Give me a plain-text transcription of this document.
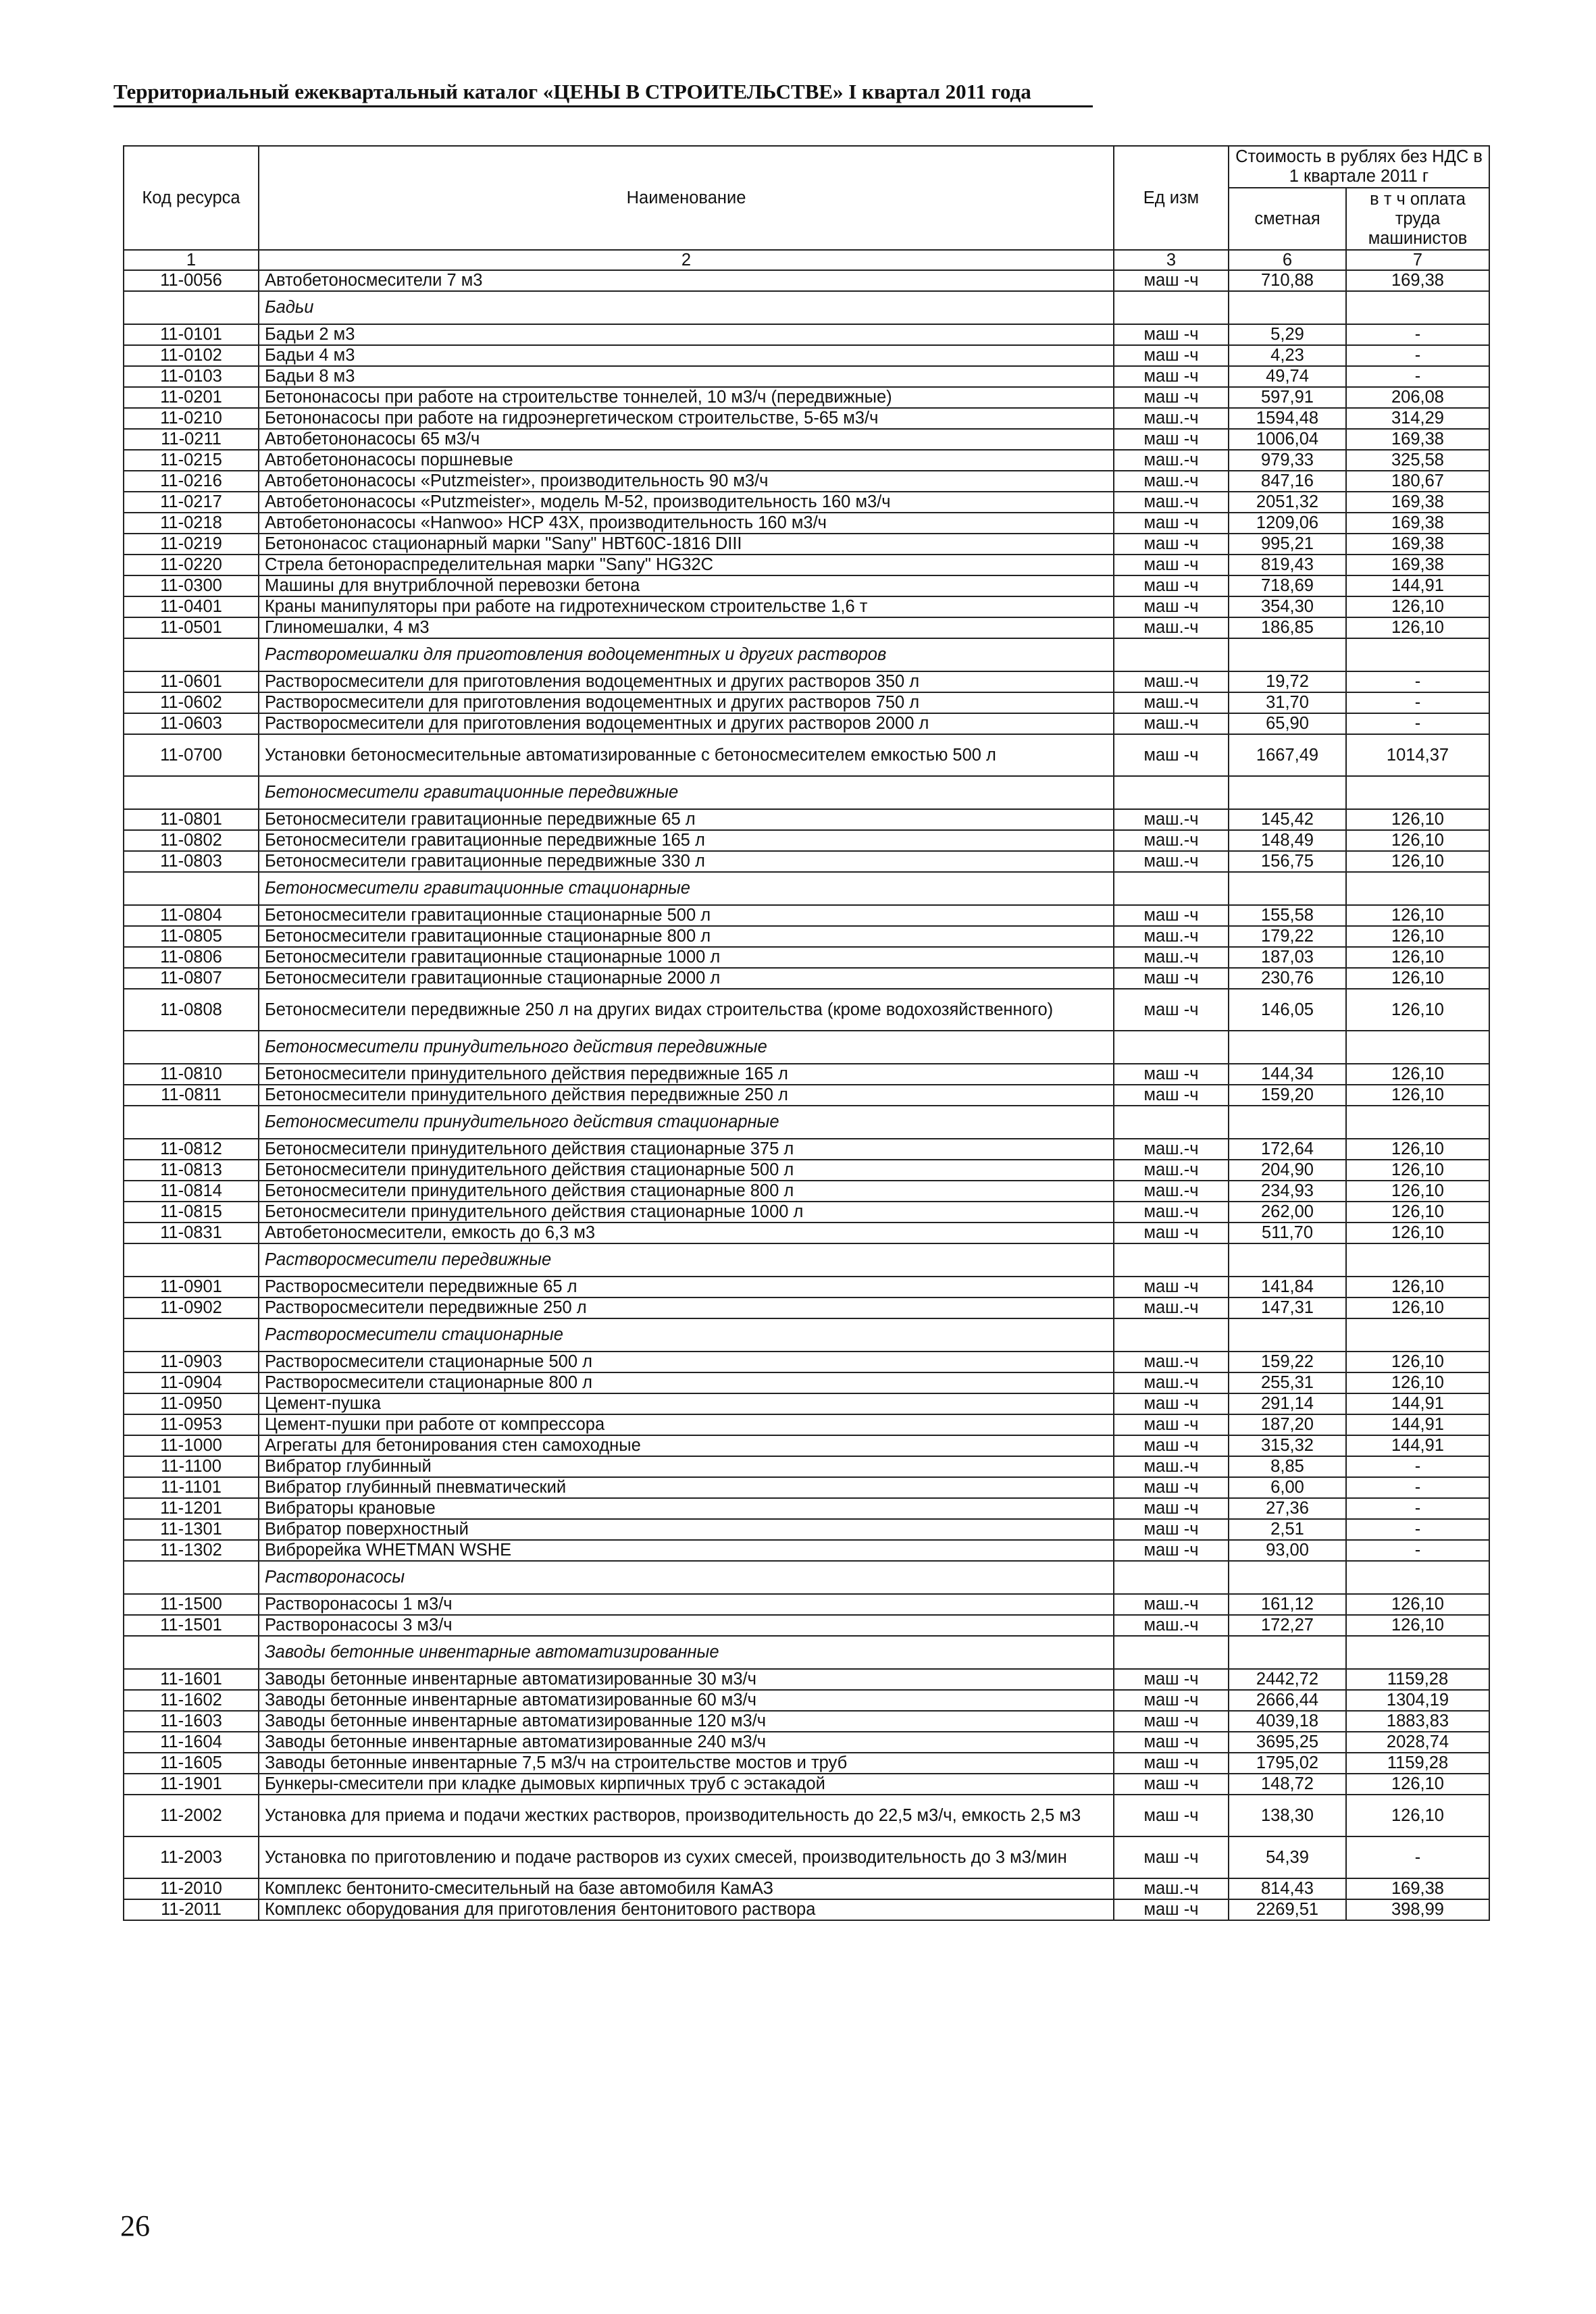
Территориальный ежеквартальный каталог «ЦЕНЫ В СТРОИТЕЛЬСТВЕ» I квартал 2011 года
Код ресурса	Наименование	Ед изм	Стоимость в рублях без НДС в 1 квартале 2011 г	
			сметная	в т ч оплата труда машинистов
1	2	3	6	7
11-0056	Автобетоносмесители 7 м3	маш -ч	710,88	169,38
	Бадьи			
11-0101	Бадьи 2 м3	маш -ч	5,29	-
11-0102	Бадьи 4 м3	маш -ч	4,23	-
11-0103	Бадьи 8 м3	маш -ч	49,74	-
11-0201	Бетононасосы при работе на строительстве тоннелей, 10 м3/ч (передвижные)	маш -ч	597,91	206,08
11-0210	Бетононасосы при работе на гидроэнергетическом строительстве, 5-65 м3/ч	маш.-ч	1594,48	314,29
11-0211	Автобетононасосы 65 м3/ч	маш -ч	1006,04	169,38
11-0215	Автобетононасосы поршневые	маш.-ч	979,33	325,58
11-0216	Автобетононасосы «Putzmeister», производительность 90 м3/ч	маш.-ч	847,16	180,67
11-0217	Автобетононасосы «Putzmeister», модель М-52, производительность 160 м3/ч	маш.-ч	2051,32	169,38
11-0218	Автобетононасосы «Hanwoo» НСР 43Х, производительность 160 м3/ч	маш -ч	1209,06	169,38
11-0219	Бетононасос стационарный марки "Sany" НВТ60С-1816 DIII	маш -ч	995,21	169,38
11-0220	Стрела бетонораспределительная марки "Sany" HG32C	маш -ч	819,43	169,38
11-0300	Машины для внутриблочной перевозки бетона	маш -ч	718,69	144,91
11-0401	Краны манипуляторы при работе на гидротехническом строительстве 1,6 т	маш -ч	354,30	126,10
11-0501	Глиномешалки, 4 м3	маш.-ч	186,85	126,10
	Растворомешалки для приготовления водоцементных и других растворов			
11-0601	Растворосмесители для приготовления водоцементных и других растворов 350 л	маш.-ч	19,72	-
11-0602	Растворосмесители для приготовления водоцементных и других растворов 750 л	маш.-ч	31,70	-
11-0603	Растворосмесители для приготовления водоцементных и других растворов 2000 л	маш.-ч	65,90	-
11-0700	Установки бетоносмесительные автоматизированные с бетоносмесителем емкостью 500 л	маш -ч	1667,49	1014,37
	Бетоносмесители гравитационные передвижные			
11-0801	Бетоносмесители гравитационные передвижные 65 л	маш.-ч	145,42	126,10
11-0802	Бетоносмесители гравитационные передвижные 165 л	маш.-ч	148,49	126,10
11-0803	Бетоносмесители гравитационные передвижные 330 л	маш.-ч	156,75	126,10
	Бетоносмесители гравитационные стационарные			
11-0804	Бетоносмесители гравитационные стационарные 500 л	маш -ч	155,58	126,10
11-0805	Бетоносмесители гравитационные стационарные 800 л	маш.-ч	179,22	126,10
11-0806	Бетоносмесители гравитационные стационарные 1000 л	маш.-ч	187,03	126,10
11-0807	Бетоносмесители гравитационные стационарные 2000 л	маш -ч	230,76	126,10
11-0808	Бетоносмесители передвижные 250 л на других видах строительства (кроме водохозяйственного)	маш -ч	146,05	126,10
	Бетоносмесители принудительного действия передвижные			
11-0810	Бетоносмесители принудительного действия передвижные 165 л	маш -ч	144,34	126,10
11-0811	Бетоносмесители принудительного действия передвижные 250 л	маш -ч	159,20	126,10
	Бетоносмесители принудительного действия стационарные			
11-0812	Бетоносмесители принудительного действия стационарные 375 л	маш.-ч	172,64	126,10
11-0813	Бетоносмесители принудительного действия стационарные 500 л	маш.-ч	204,90	126,10
11-0814	Бетоносмесители принудительного действия стационарные 800 л	маш.-ч	234,93	126,10
11-0815	Бетоносмесители принудительного действия стационарные 1000 л	маш.-ч	262,00	126,10
11-0831	Автобетоносмесители, емкость до 6,3 м3	маш -ч	511,70	126,10
	Растворосмесители передвижные			
11-0901	Растворосмесители передвижные 65 л	маш -ч	141,84	126,10
11-0902	Растворосмесители передвижные 250 л	маш.-ч	147,31	126,10
	Растворосмесители стационарные			
11-0903	Растворосмесители стационарные 500 л	маш.-ч	159,22	126,10
11-0904	Растворосмесители стационарные 800 л	маш.-ч	255,31	126,10
11-0950	Цемент-пушка	маш -ч	291,14	144,91
11-0953	Цемент-пушки при работе от компрессора	маш -ч	187,20	144,91
11-1000	Агрегаты для бетонирования стен самоходные	маш -ч	315,32	144,91
11-1100	Вибратор глубинный	маш.-ч	8,85	-
11-1101	Вибратор глубинный пневматический	маш -ч	6,00	-
11-1201	Вибраторы крановые	маш -ч	27,36	-
11-1301	Вибратор поверхностный	маш -ч	2,51	-
11-1302	Виброрейка WHETMAN WSHE	маш -ч	93,00	-
	Растворонасосы			
11-1500	Растворонасосы 1 м3/ч	маш.-ч	161,12	126,10
11-1501	Растворонасосы 3 м3/ч	маш.-ч	172,27	126,10
	Заводы бетонные инвентарные автоматизированные			
11-1601	Заводы бетонные инвентарные автоматизированные 30 м3/ч	маш -ч	2442,72	1159,28
11-1602	Заводы бетонные инвентарные автоматизированные 60 м3/ч	маш -ч	2666,44	1304,19
11-1603	Заводы бетонные инвентарные автоматизированные 120 м3/ч	маш -ч	4039,18	1883,83
11-1604	Заводы бетонные инвентарные автоматизированные 240 м3/ч	маш -ч	3695,25	2028,74
11-1605	Заводы бетонные инвентарные 7,5 м3/ч на строительстве мостов и труб	маш -ч	1795,02	1159,28
11-1901	Бункеры-смесители при кладке дымовых кирпичных труб с эстакадой	маш -ч	148,72	126,10
11-2002	Установка для приема и подачи жестких растворов, производительность до 22,5 м3/ч, емкость 2,5 м3	маш -ч	138,30	126,10
11-2003	Установка по приготовлению и подаче растворов из сухих смесей, производительность до 3 м3/мин	маш -ч	54,39	-
11-2010	Комплекс бентонито-смесительный на базе автомобиля КамАЗ	маш.-ч	814,43	169,38
11-2011	Комплекс оборудования для приготовления бентонитового раствора	маш -ч	2269,51	398,99
26
